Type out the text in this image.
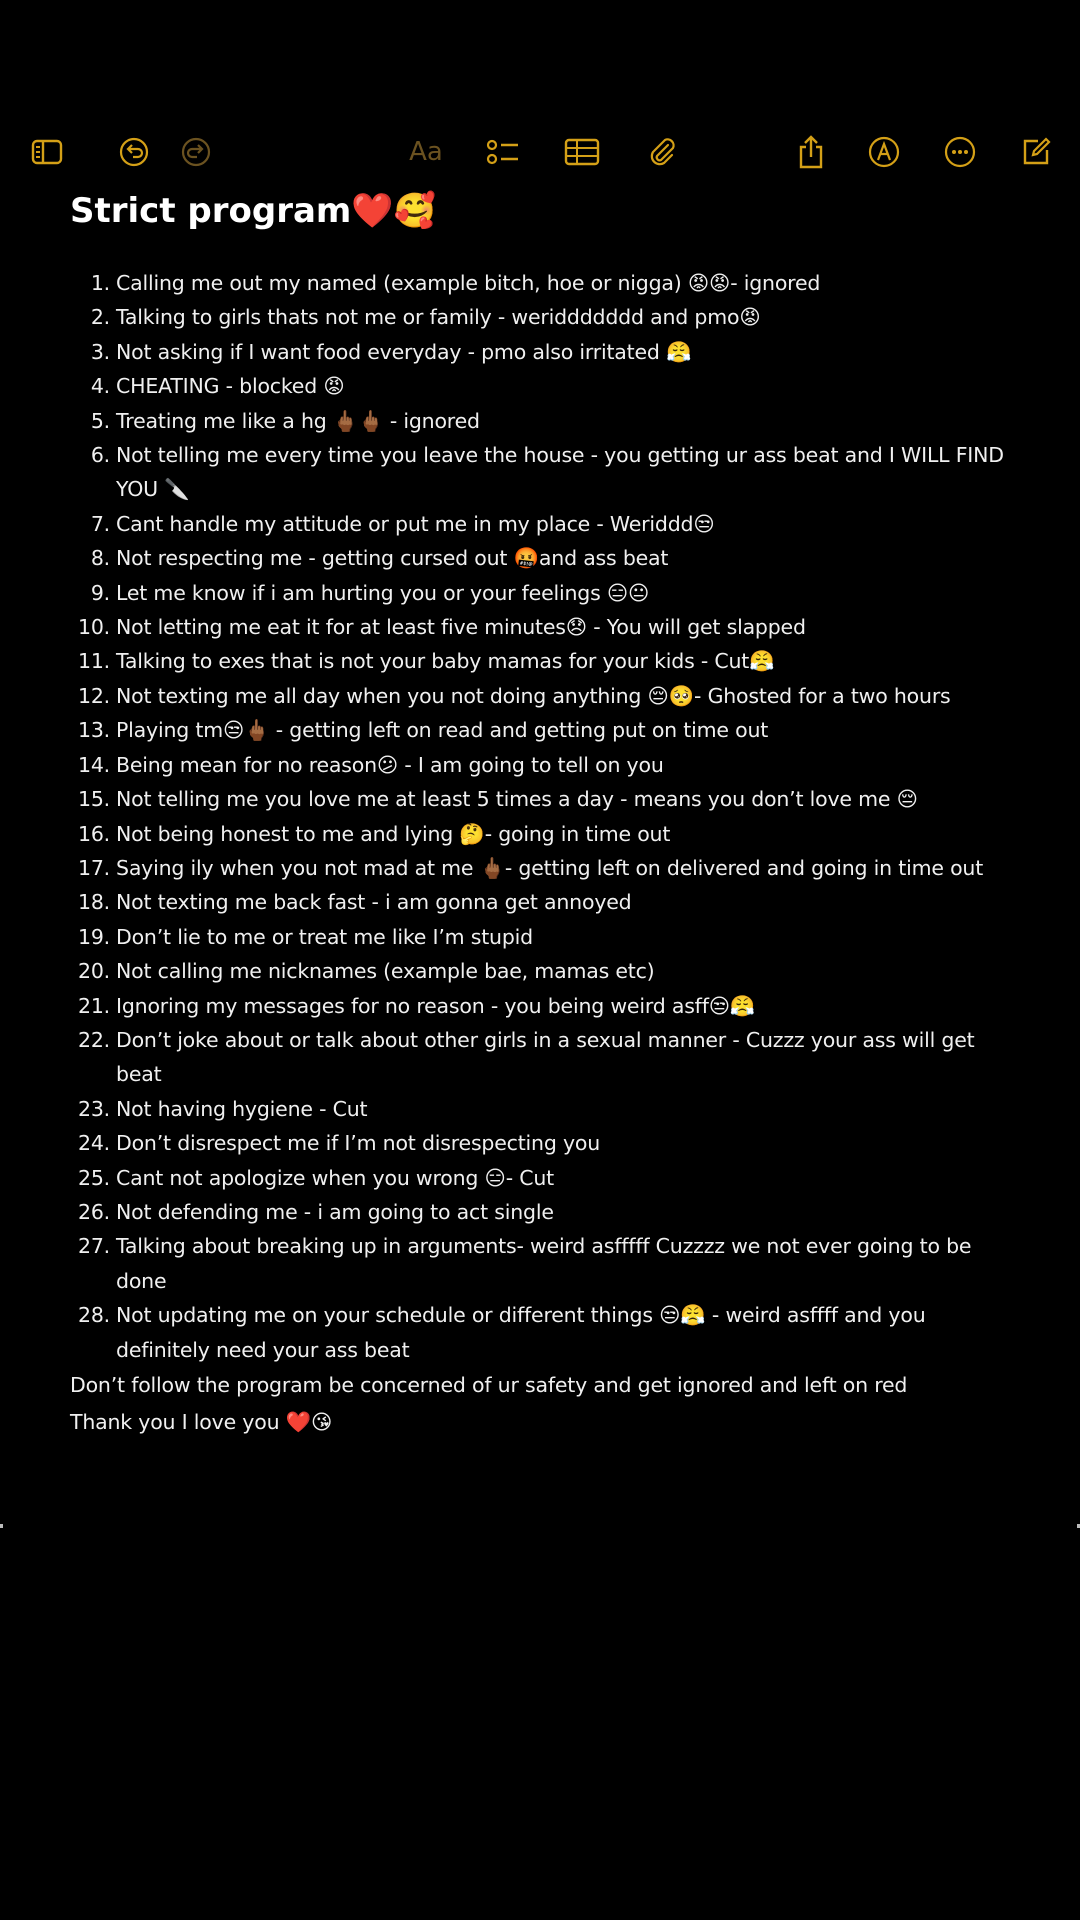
Aa
Strict program❤️🥰
1. Calling me out my named (example bitch, hoe or nigga) 😡😡- ignored
2. Talking to girls thats not me or family - weriddddddd and pmo😡
3. Not asking if I want food everyday - pmo also irritated 😤
4. CHEATING - blocked 😡
5. Treating me like a hg 🖕🏾🖕🏾 - ignored
6. Not telling me every time you leave the house - you getting ur ass beat and I WILL FIND YOU 🔪
7. Cant handle my attitude or put me in my place - Weriddd😒
8. Not respecting me - getting cursed out 🤬and ass beat
9. Let me know if i am hurting you or your feelings 😑😐
10. Not letting me eat it for at least five minutes😞 - You will get slapped
11. Talking to exes that is not your baby mamas for your kids - Cut😤
12. Not texting me all day when you not doing anything 😔🥺- Ghosted for a two hours
13. Playing tm😒🖕🏾 - getting left on read and getting put on time out
14. Being mean for no reason😕 - I am going to tell on you
15. Not telling me you love me at least 5 times a day - means you don’t love me 😔
16. Not being honest to me and lying 🤔- going in time out
17. Saying ily when you not mad at me 🖕🏾- getting left on delivered and going in time out
18. Not texting me back fast - i am gonna get annoyed
19. Don’t lie to me or treat me like I’m stupid
20. Not calling me nicknames (example bae, mamas etc)
21. Ignoring my messages for no reason - you being weird asff😒😤
22. Don’t joke about or talk about other girls in a sexual manner - Cuzzz your ass will get beat
23. Not having hygiene - Cut
24. Don’t disrespect me if I’m not disrespecting you
25. Cant not apologize when you wrong 😑- Cut
26. Not defending me - i am going to act single
27. Talking about breaking up in arguments- weird asfffff Cuzzzz we not ever going to be done
28. Not updating me on your schedule or different things 😒😤 - weird asffff and you definitely need your ass beat
Don’t follow the program be concerned of ur safety and get ignored and left on red
Thank you I love you ❤️😘
